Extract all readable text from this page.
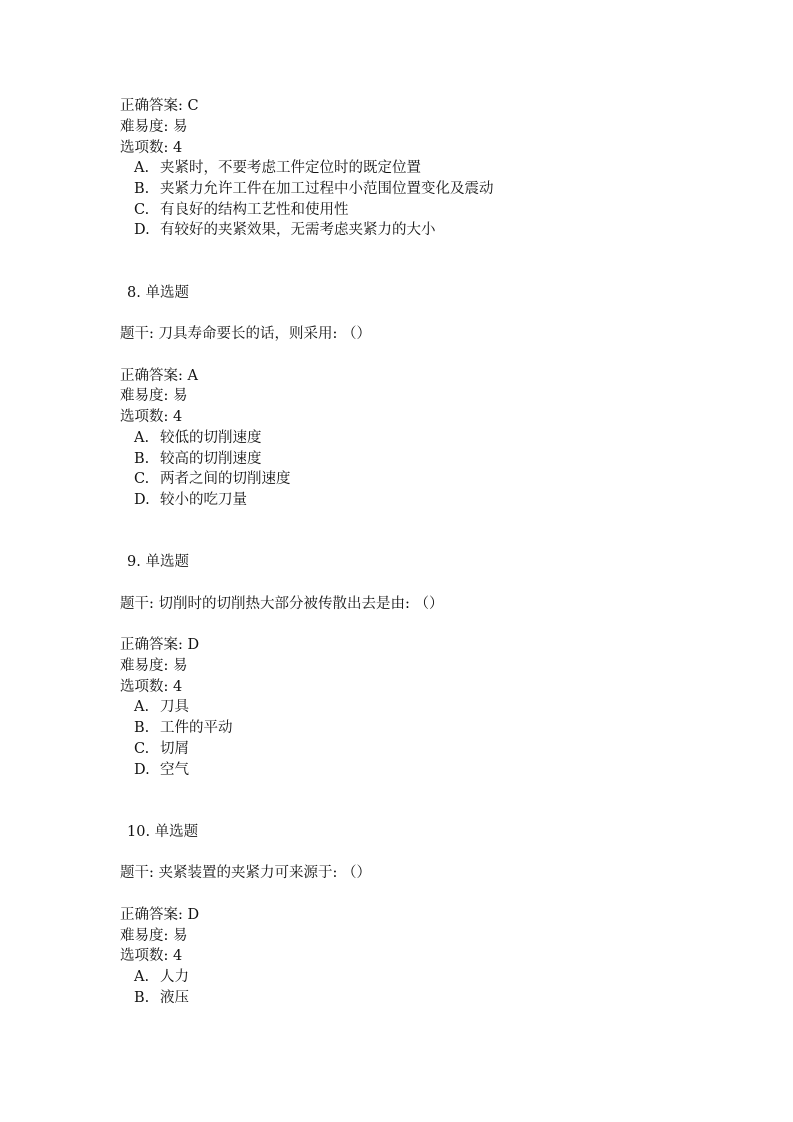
正确答案: C
难易度: 易
选项数: 4
A. 夹紧时，不要考虑工件定位时的既定位置
B. 夹紧力允许工件在加工过程中小范围位置变化及震动
C. 有良好的结构工艺性和使用性
D. 有较好的夹紧效果，无需考虑夹紧力的大小
8. 单选题
题干: 刀具寿命要长的话，则采用: （）
正确答案: A
难易度: 易
选项数: 4
A. 较低的切削速度
B. 较高的切削速度
C. 两者之间的切削速度
D. 较小的吃刀量
9. 单选题
题干: 切削时的切削热大部分被传散出去是由: （）
正确答案: D
难易度: 易
选项数: 4
A. 刀具
B. 工件的平动
C. 切屑
D. 空气
10. 单选题
题干: 夹紧装置的夹紧力可来源于: （）
正确答案: D
难易度: 易
选项数: 4
A. 人力
B. 液压
